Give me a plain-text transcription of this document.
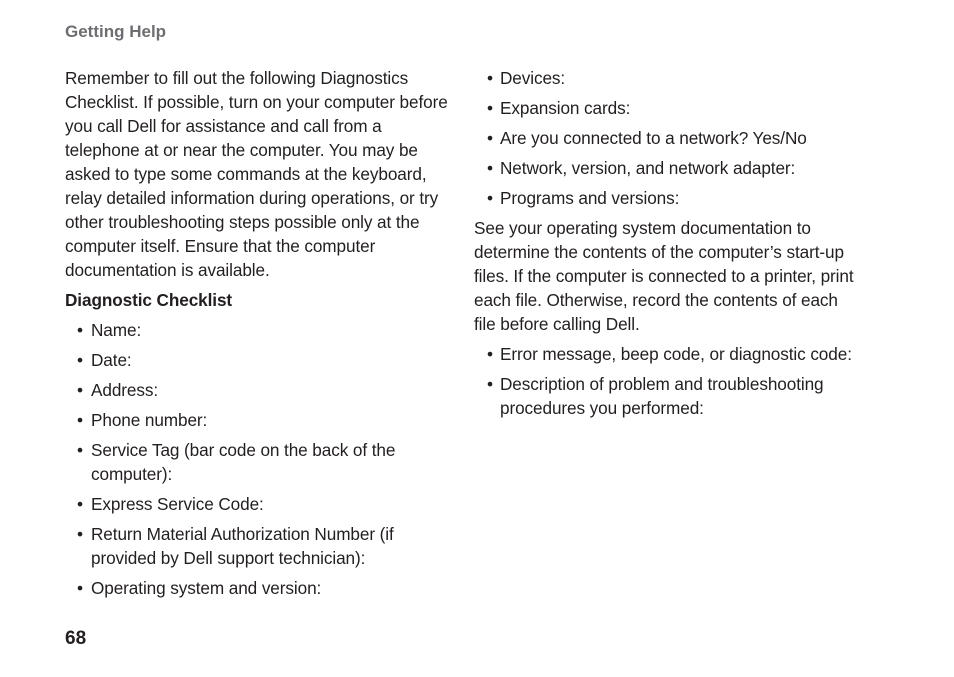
Getting Help

Remember to fill out the following Diagnostics Checklist. If possible, turn on your computer before you call Dell for assistance and call from a telephone at or near the computer. You may be asked to type some commands at the keyboard, relay detailed information during operations, or try other troubleshooting steps possible only at the computer itself. Ensure that the computer documentation is available.

Diagnostic Checklist

• Name:
• Date:
• Address:
• Phone number:
• Service Tag (bar code on the back of the computer):
• Express Service Code:
• Return Material Authorization Number (if provided by Dell support technician):
• Operating system and version:
• Devices:
• Expansion cards:
• Are you connected to a network? Yes/No
• Network, version, and network adapter:
• Programs and versions:

See your operating system documentation to determine the contents of the computer’s start-up files. If the computer is connected to a printer, print each file. Otherwise, record the contents of each file before calling Dell.

• Error message, beep code, or diagnostic code:
• Description of problem and troubleshooting procedures you performed:
68
